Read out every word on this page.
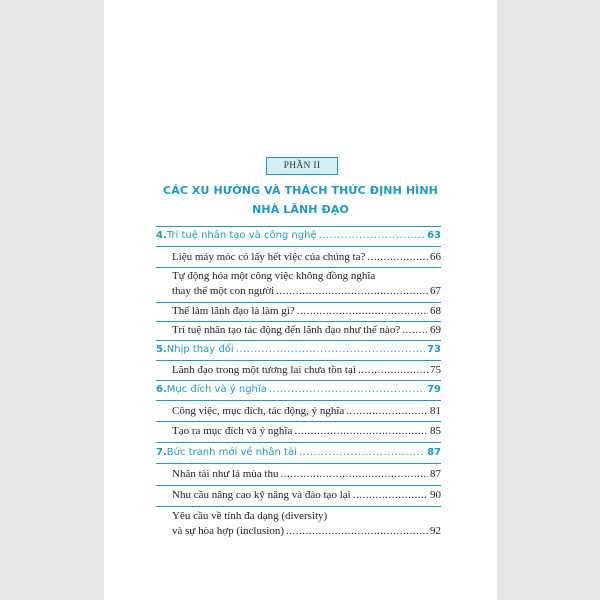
PHẦN II
CÁC XU HƯỚNG VÀ THÁCH THỨC ĐỊNH HÌNH
NHÀ LÃNH ĐẠO
4. Trí tuệ nhân tạo và công nghệ .....	63
Liệu máy móc có lấy hết việc của chúng ta? .....	66
Tự động hóa một công việc không đồng nghĩa
thay thế một con người .....	67
Thế làm lãnh đạo là làm gì? .....	68
Trí tuệ nhân tạo tác động đến lãnh đạo như thế nào? .....	69
5. Nhịp thay đổi .....	73
Lãnh đạo trong một tương lai chưa tồn tại .....	75
6. Mục đích và ý nghĩa .....	79
Công việc, mục đích, tác động, ý nghĩa .....	81
Tạo ra mục đích và ý nghĩa .....	85
7. Bức tranh mới về nhân tài .....	87
Nhân tài như lá mùa thu .....	87
Nhu cầu nâng cao kỹ năng và đào tạo lại .....	90
Yêu cầu về tính đa dạng (diversity)
và sự hòa hợp (inclusion) .....	92
